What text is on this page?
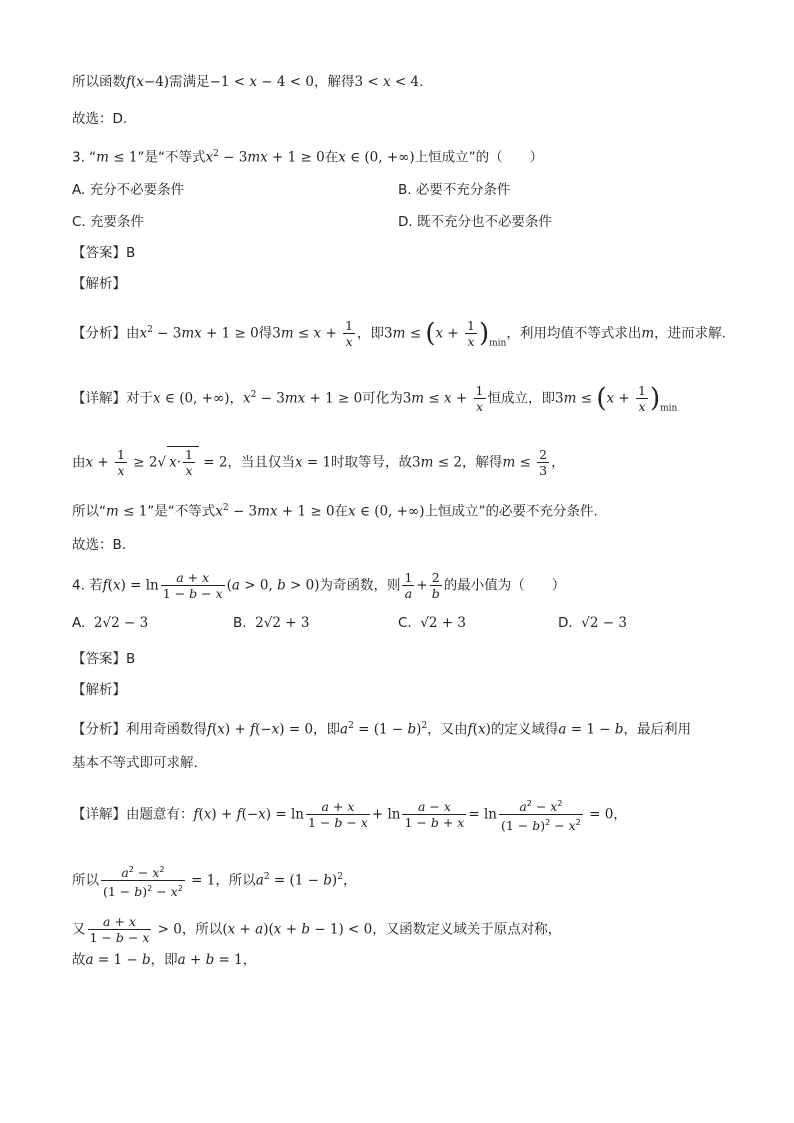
所以函数f(x−4)需满足−1 < x − 4 < 0，解得3 < x < 4.
故选：D.
3. “m ≤ 1”是“不等式$x^2 - 3mx + 1 \ge 0$在x ∈ (0, +∞)上恒成立”的（　　）
A. 充分不必要条件	B. 必要不充分条件
C. 充要条件	D. 既不充分也不必要条件
【答案】B
【解析】
【分析】由$x^2 - 3mx + 1 \ge 0$得$3m \le x + \frac{1}{x}$ ，即$3m \le (x + \frac{1}{x} )_{min}$，利用均值不等式求出m，进而求解.
【详解】对于x ∈ (0, +∞)，$x^2 - 3mx + 1 \ge 0$可化为$3m \le x + \frac{1}{x}$ 恒成立，即$3m \le (x + \frac{1}{x} )_{min}$
由$x + \frac{1}{x} \ge 2√$ $x\cdot \frac{1}{x} = 2$，当且仅当x = 1时取等号，故3m ≤ 2，解得$m \le \frac{2}{3}$ ，
所以“m ≤ 1”是“不等式$x^2 - 3mx + 1 \ge 0$在x ∈ (0, +∞)上恒成立”的必要不充分条件.
故选：B.
4. 若$f(x) = \ln \frac{a + x}{1 - b - x} (a > 0$, b > 0)为奇函数，则 $\frac{1}{a} + \frac{2}{b}$ 的最小值为（　　）
A. 2√2 − 3	B. 2√2 + 3	C. √2 + 3	D. √2 − 3
【答案】B
【解析】
【分析】利用奇函数得f(x) + f(−x) = 0，即$a^2 = (1 - b)^2$，又由f(x)的定义域得a = 1 − b，最后利用
基本不等式即可求解.
【详解】由题意有：$f(x) + f(-x) = \ln \frac{a + x}{1 - b - x} + \ln \frac{a - x}{1 - b + x} = \ln \frac{a^2 - x^2}{(1 - b)^2 - x^2} = 0$，
所以 $\frac{a^2 - x^2}{(1 - b)^2 - x^2} = 1$，所以$a^2 = (1 - b)^2$，
又 $\frac{a + x}{1 - b - x} > 0$，所以(x + a)(x + b − 1) < 0，又函数定义域关于原点对称，
故a = 1 − b，即a + b = 1，
